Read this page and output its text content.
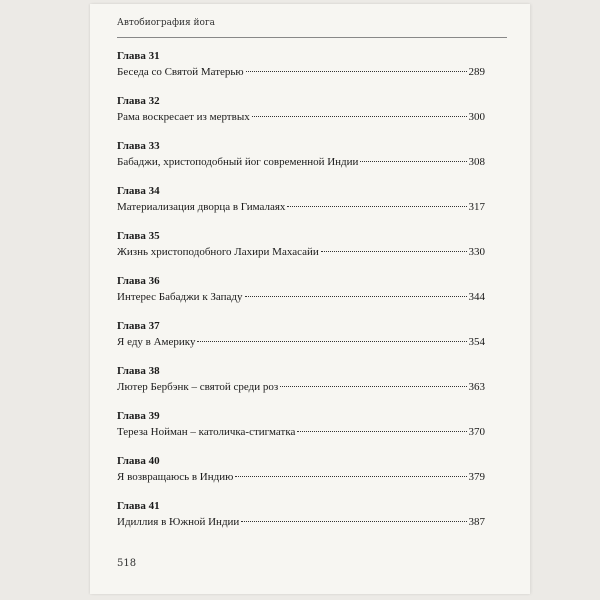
Автобиография йога
Глава 31
Беседа со Святой Матерью	289
Глава 32
Рама воскресает из мертвых	300
Глава 33
Бабаджи, христоподобный йог современной Индии	308
Глава 34
Материализация дворца в Гималаях	317
Глава 35
Жизнь христоподобного Лахири Махасайи	330
Глава 36
Интерес Бабаджи к Западу	344
Глава 37
Я еду в Америку	354
Глава 38
Лютер Бербэнк – святой среди роз	363
Глава 39
Тереза Нойман – католичка-стигматка	370
Глава 40
Я возвращаюсь в Индию	379
Глава 41
Идиллия в Южной Индии	387
518
